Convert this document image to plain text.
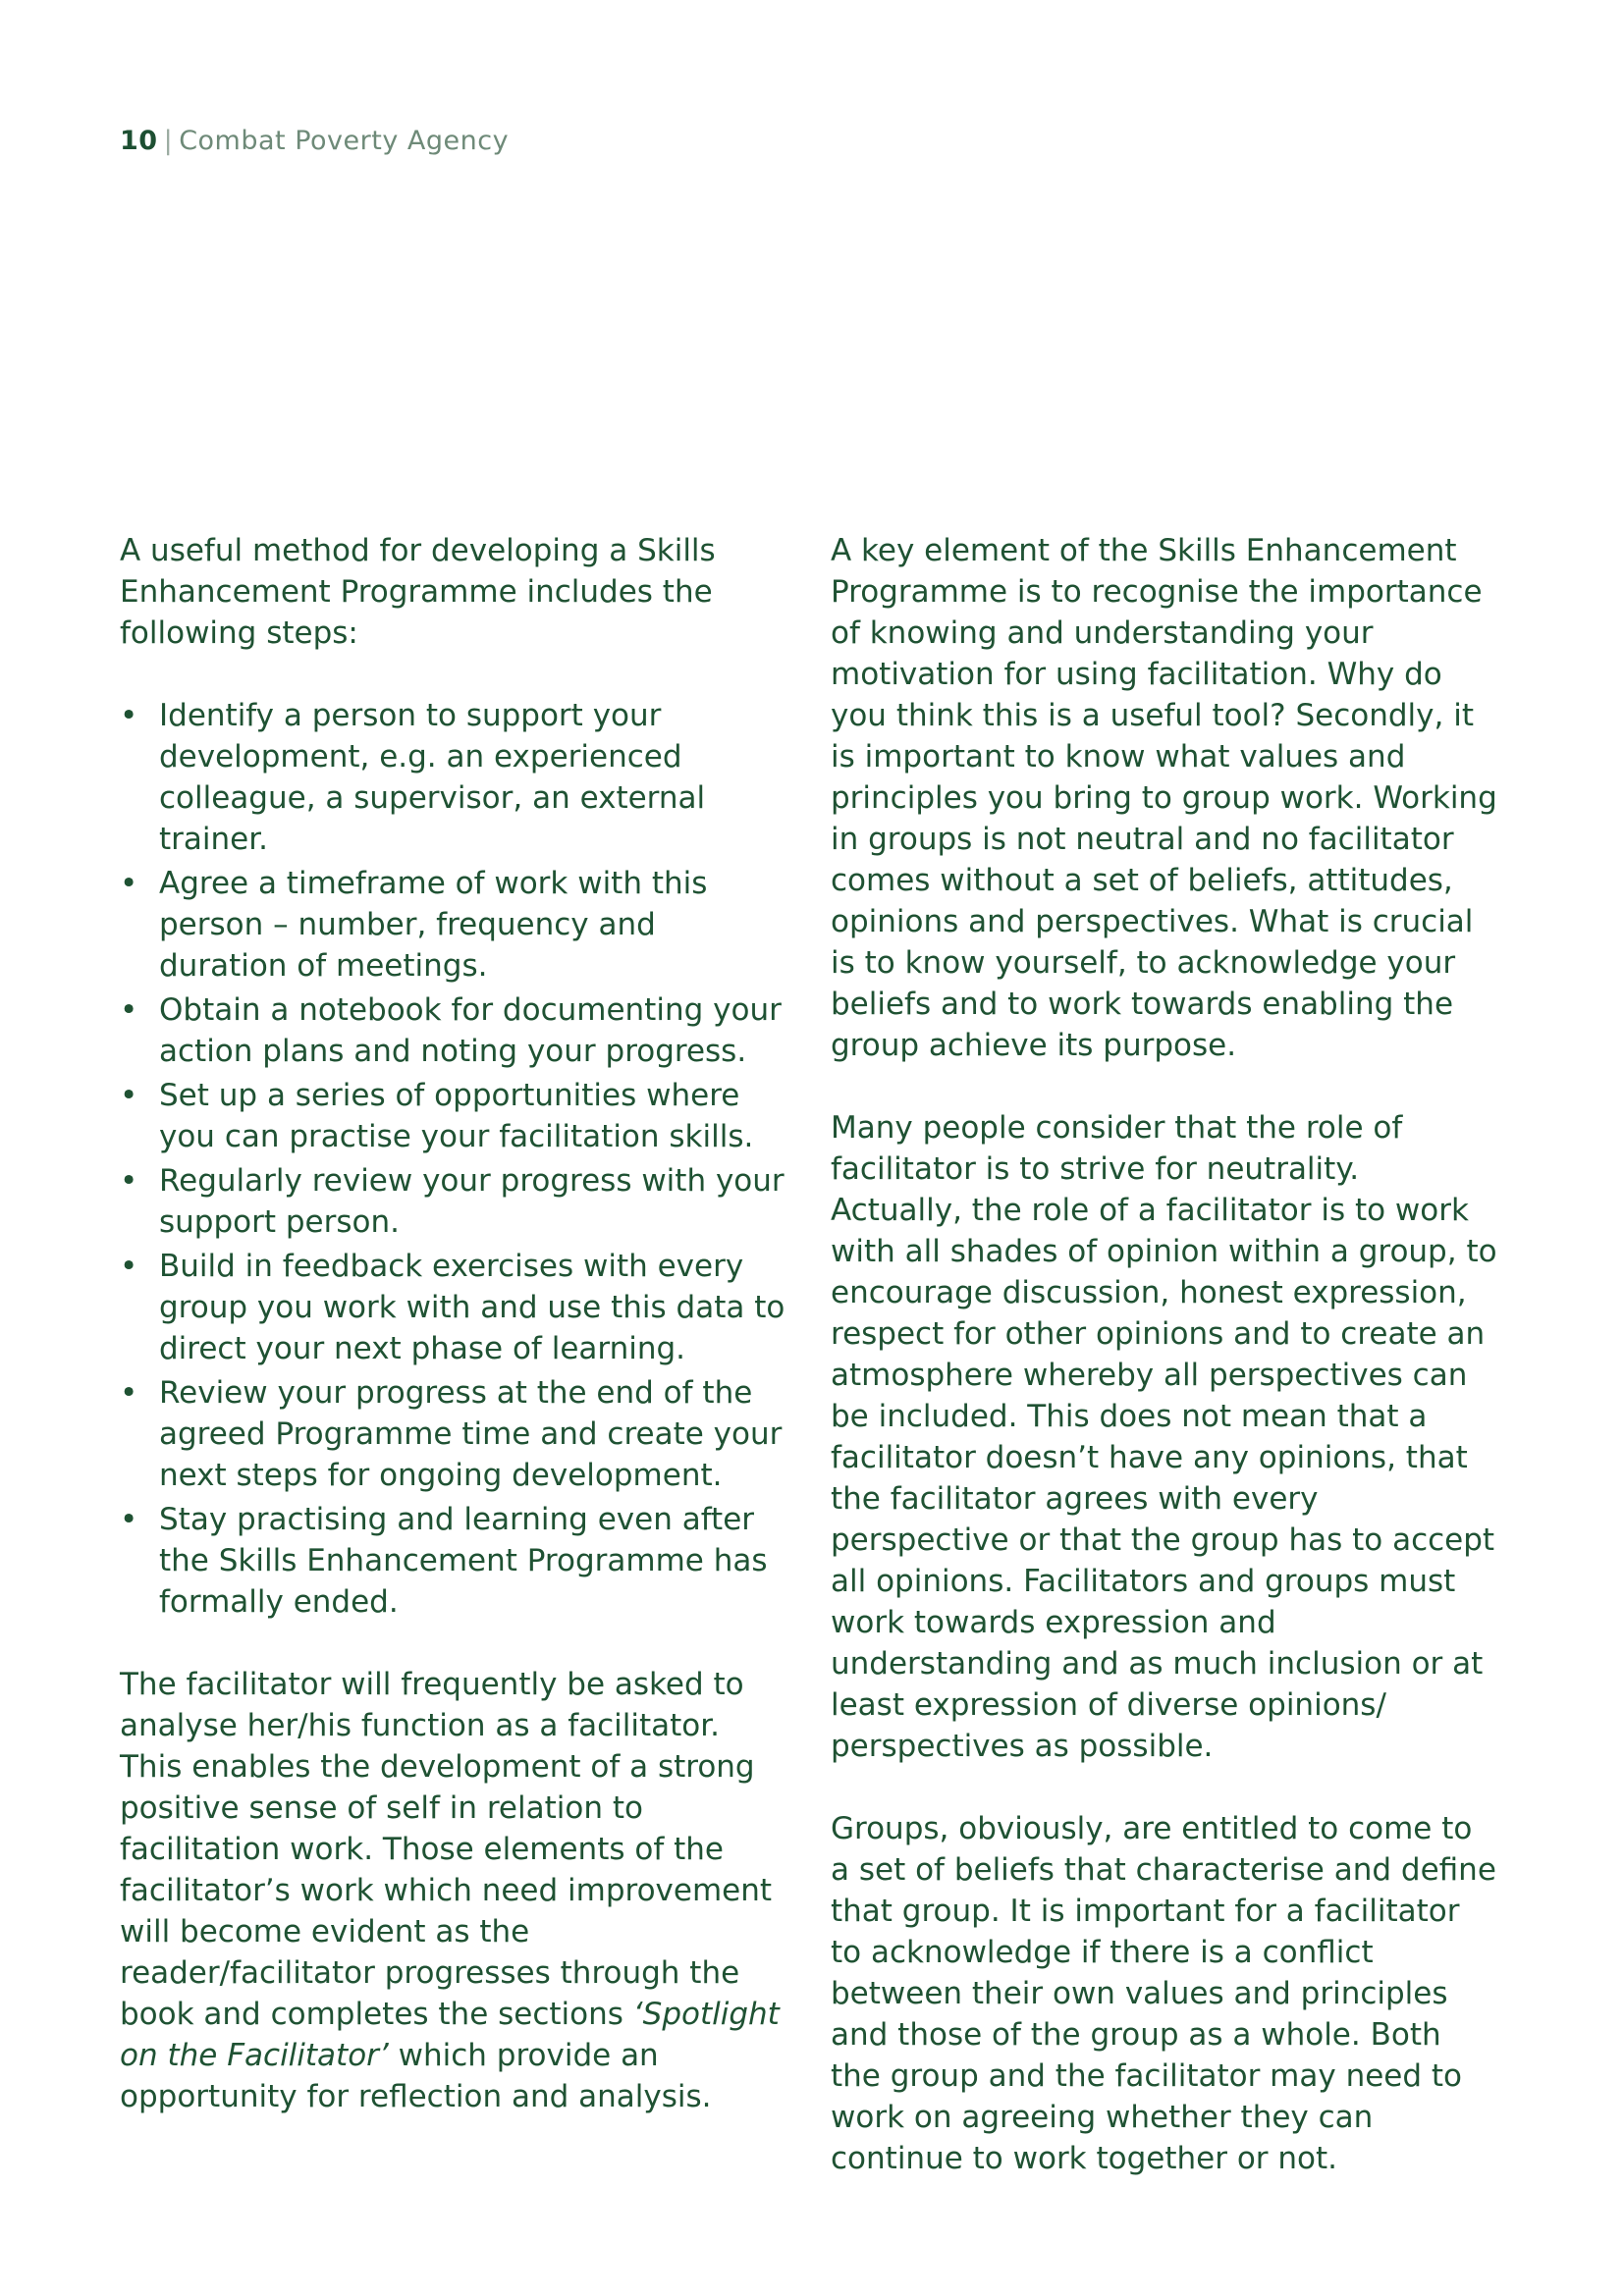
10 | Combat Poverty Agency

A useful method for developing a Skills Enhancement Programme includes the following steps:

• Identify a person to support your development, e.g. an experienced colleague, a supervisor, an external trainer.
• Agree a timeframe of work with this person – number, frequency and duration of meetings.
• Obtain a notebook for documenting your action plans and noting your progress.
• Set up a series of opportunities where you can practise your facilitation skills.
• Regularly review your progress with your support person.
• Build in feedback exercises with every group you work with and use this data to direct your next phase of learning.
• Review your progress at the end of the agreed Programme time and create your next steps for ongoing development.
• Stay practising and learning even after the Skills Enhancement Programme has formally ended.

The facilitator will frequently be asked to analyse her/his function as a facilitator. This enables the development of a strong positive sense of self in relation to facilitation work. Those elements of the facilitator’s work which need improvement will become evident as the reader/facilitator progresses through the book and completes the sections ‘Spotlight on the Facilitator’ which provide an opportunity for reflection and analysis.

A key element of the Skills Enhancement Programme is to recognise the importance of knowing and understanding your motivation for using facilitation. Why do you think this is a useful tool? Secondly, it is important to know what values and principles you bring to group work. Working in groups is not neutral and no facilitator comes without a set of beliefs, attitudes, opinions and perspectives. What is crucial is to know yourself, to acknowledge your beliefs and to work towards enabling the group achieve its purpose.

Many people consider that the role of facilitator is to strive for neutrality. Actually, the role of a facilitator is to work with all shades of opinion within a group, to encourage discussion, honest expression, respect for other opinions and to create an atmosphere whereby all perspectives can be included. This does not mean that a facilitator doesn’t have any opinions, that the facilitator agrees with every perspective or that the group has to accept all opinions. Facilitators and groups must work towards expression and understanding and as much inclusion or at least expression of diverse opinions/ perspectives as possible.

Groups, obviously, are entitled to come to a set of beliefs that characterise and define that group. It is important for a facilitator to acknowledge if there is a conflict between their own values and principles and those of the group as a whole. Both the group and the facilitator may need to work on agreeing whether they can continue to work together or not.
